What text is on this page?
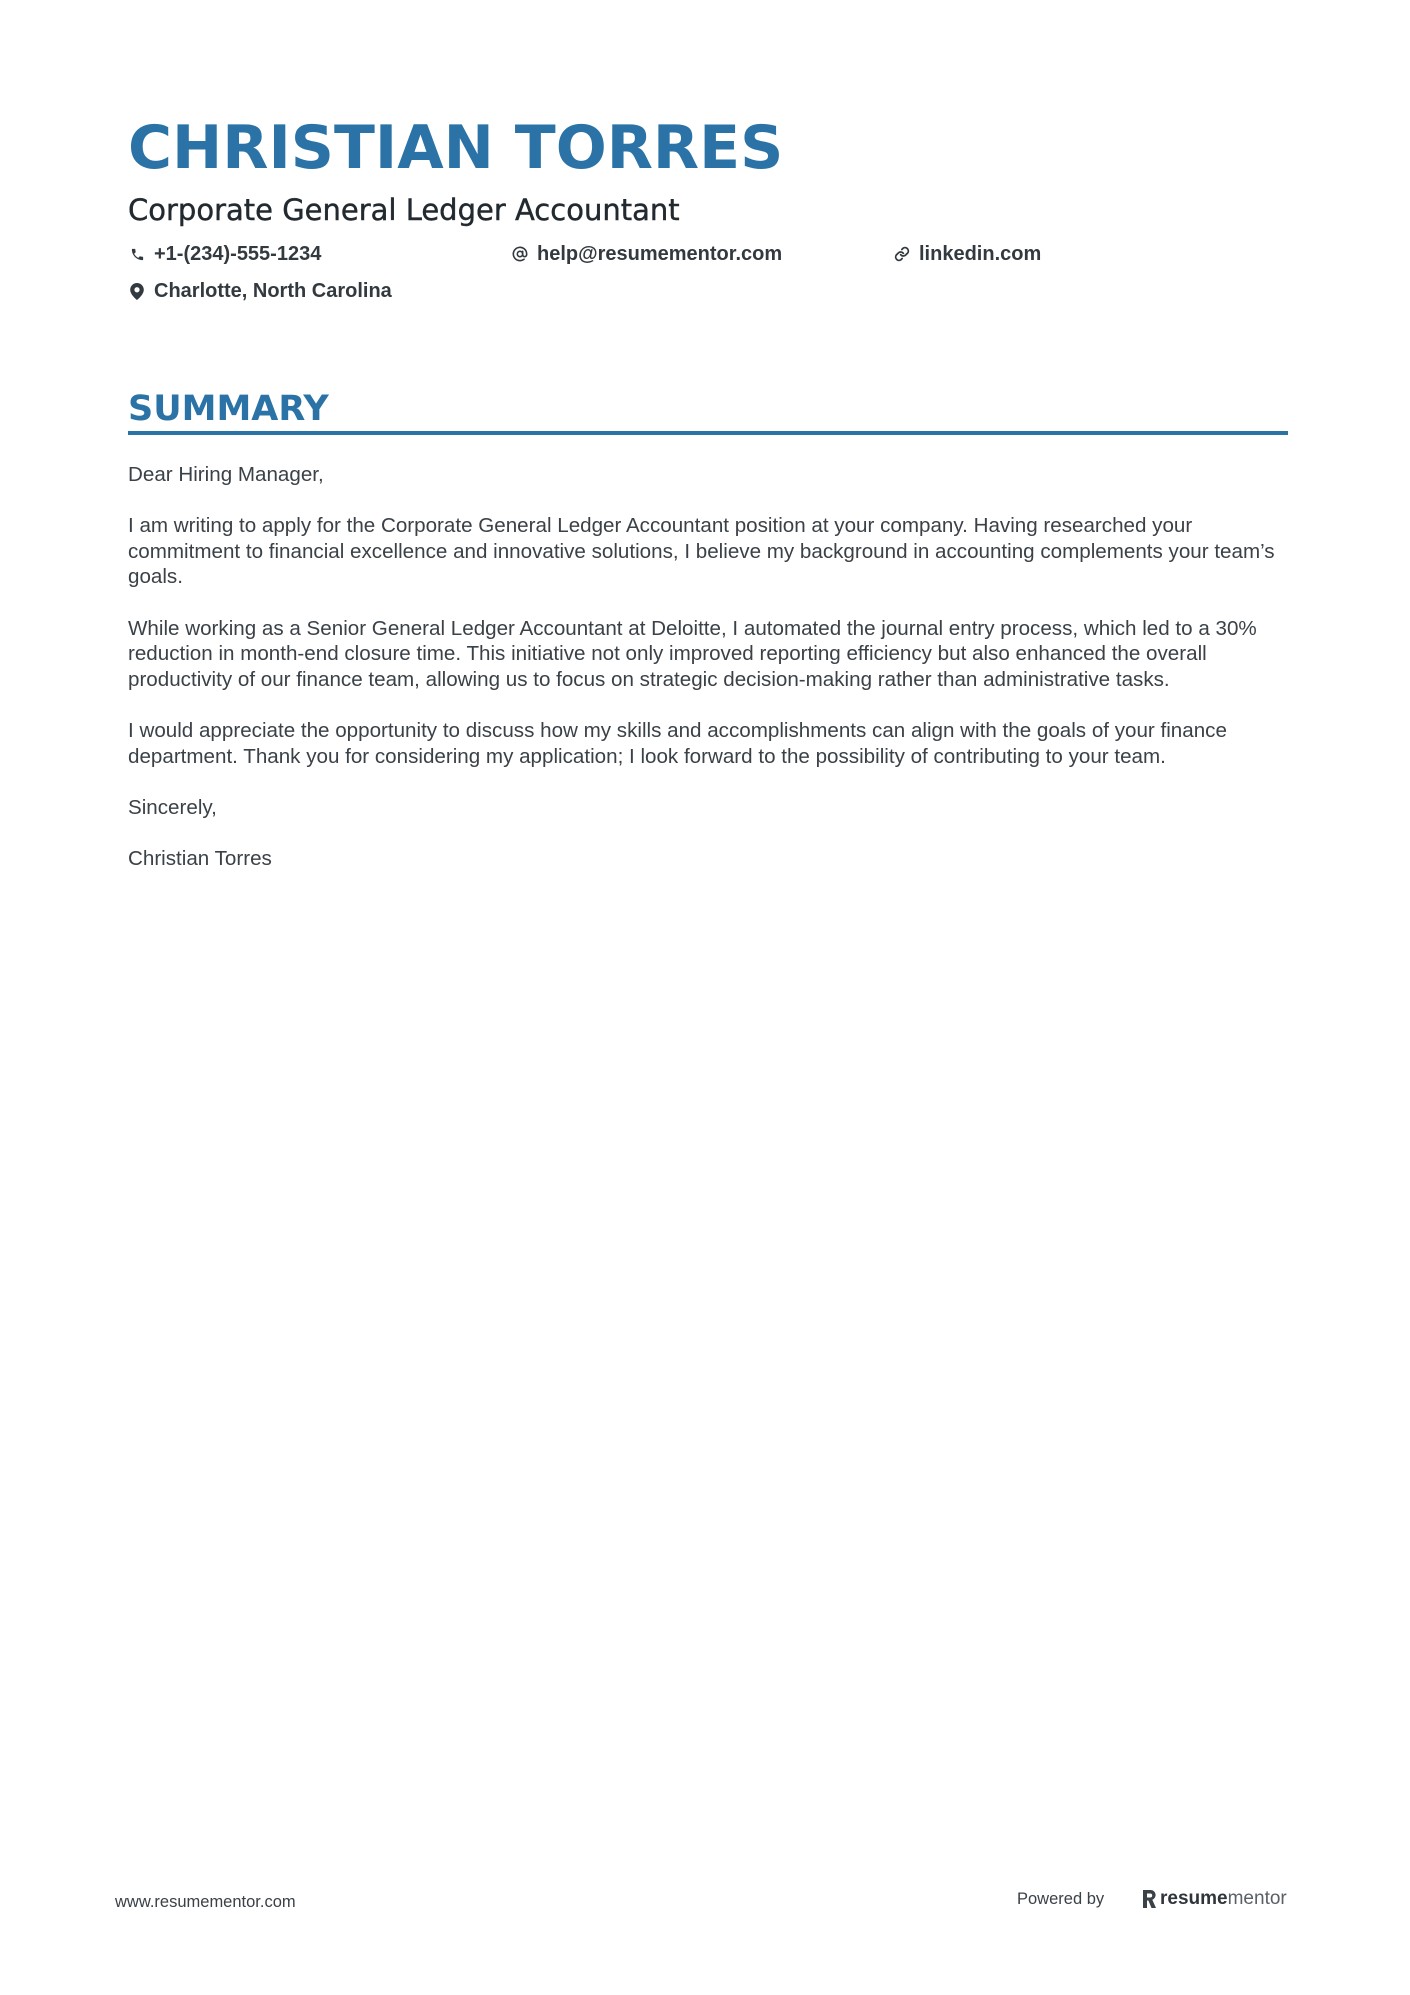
CHRISTIAN TORRES
Corporate General Ledger Accountant
+1-(234)-555-1234	help@resumementor.com	linkedin.com
Charlotte, North Carolina
SUMMARY

Dear Hiring Manager,

I am writing to apply for the Corporate General Ledger Accountant position at your company. Having researched your commitment to financial excellence and innovative solutions, I believe my background in accounting complements your team’s goals.

While working as a Senior General Ledger Accountant at Deloitte, I automated the journal entry process, which led to a 30% reduction in month-end closure time. This initiative not only improved reporting efficiency but also enhanced the overall productivity of our finance team, allowing us to focus on strategic decision-making rather than administrative tasks.

I would appreciate the opportunity to discuss how my skills and accomplishments can align with the goals of your finance department. Thank you for considering my application; I look forward to the possibility of contributing to your team.

Sincerely,

Christian Torres

www.resumementor.com	Powered by	resumementor
